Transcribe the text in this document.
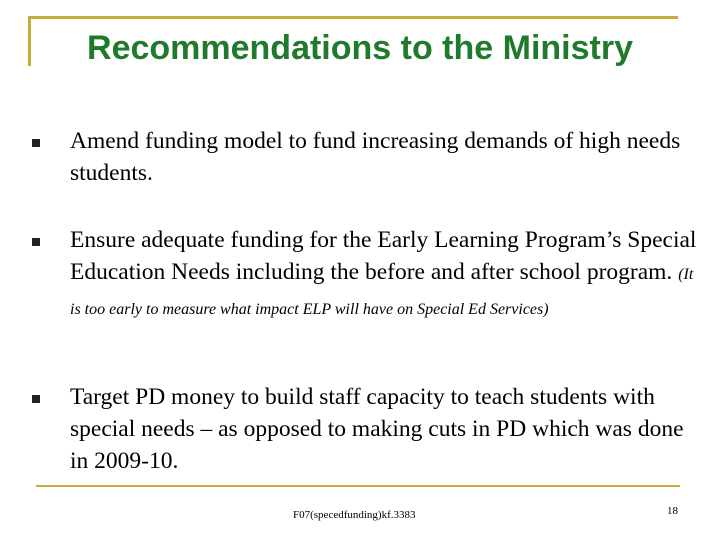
Recommendations to the Ministry
Amend funding model to fund increasing demands of high needs students.
Ensure adequate funding for the Early Learning Program’s Special Education Needs including the before and after school program. (It is too early to measure what impact ELP will have on Special Ed Services)
Target PD money to build staff capacity to teach students with special needs – as opposed to making cuts in PD which was done in 2009-10.
F07(specedfunding)kf.3383	18
